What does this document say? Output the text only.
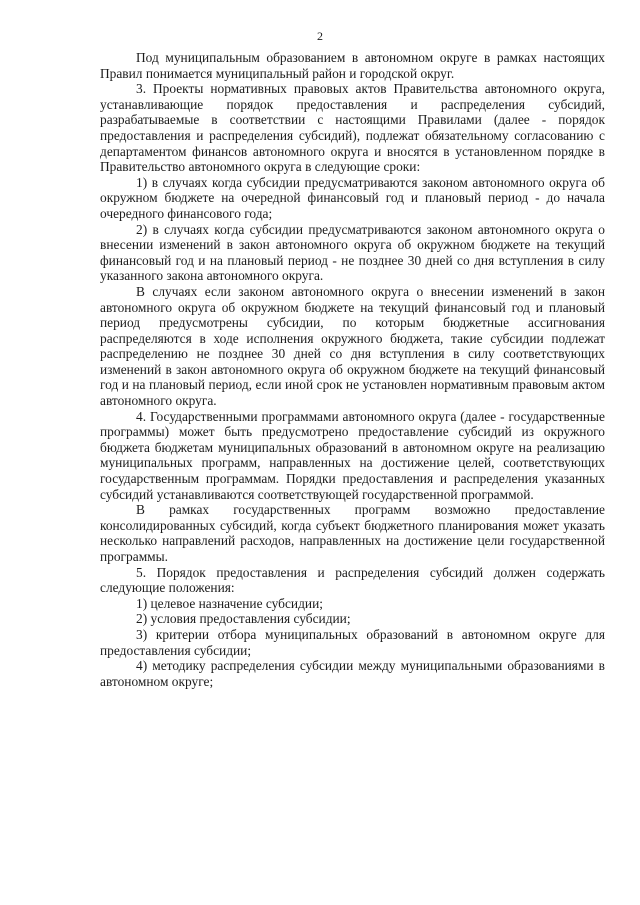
2

Под муниципальным образованием в автономном округе в рамках настоящих Правил понимается муниципальный район и городской округ.

3. Проекты нормативных правовых актов Правительства автономного округа, устанавливающие порядок предоставления и распределения субсидий, разрабатываемые в соответствии с настоящими Правилами (далее - порядок предоставления и распределения субсидий), подлежат обязательному согласованию с департаментом финансов автономного округа и вносятся в установленном порядке в Правительство автономного округа в следующие сроки:

1) в случаях когда субсидии предусматриваются законом автономного округа об окружном бюджете на очередной финансовый год и плановый период - до начала очередного финансового года;

2) в случаях когда субсидии предусматриваются законом автономного округа о внесении изменений в закон автономного округа об окружном бюджете на текущий финансовый год и на плановый период - не позднее 30 дней со дня вступления в силу указанного закона автономного округа.

В случаях если законом автономного округа о внесении изменений в закон автономного округа об окружном бюджете на текущий финансовый год и плановый период предусмотрены субсидии, по которым бюджетные ассигнования распределяются в ходе исполнения окружного бюджета, такие субсидии подлежат распределению не позднее 30 дней со дня вступления в силу соответствующих изменений в закон автономного округа об окружном бюджете на текущий финансовый год и на плановый период, если иной срок не установлен нормативным правовым актом автономного округа.

4. Государственными программами автономного округа (далее - государственные программы) может быть предусмотрено предоставление субсидий из окружного бюджета бюджетам муниципальных образований в автономном округе на реализацию муниципальных программ, направленных на достижение целей, соответствующих государственным программам. Порядки предоставления и распределения указанных субсидий устанавливаются соответствующей государственной программой.

В рамках государственных программ возможно предоставление консолидированных субсидий, когда субъект бюджетного планирования может указать несколько направлений расходов, направленных на достижение цели государственной программы.

5. Порядок предоставления и распределения субсидий должен содержать следующие положения:

1) целевое назначение субсидии;

2) условия предоставления субсидии;

3) критерии отбора муниципальных образований в автономном округе для предоставления субсидии;

4) методику распределения субсидии между муниципальными образованиями в автономном округе;
